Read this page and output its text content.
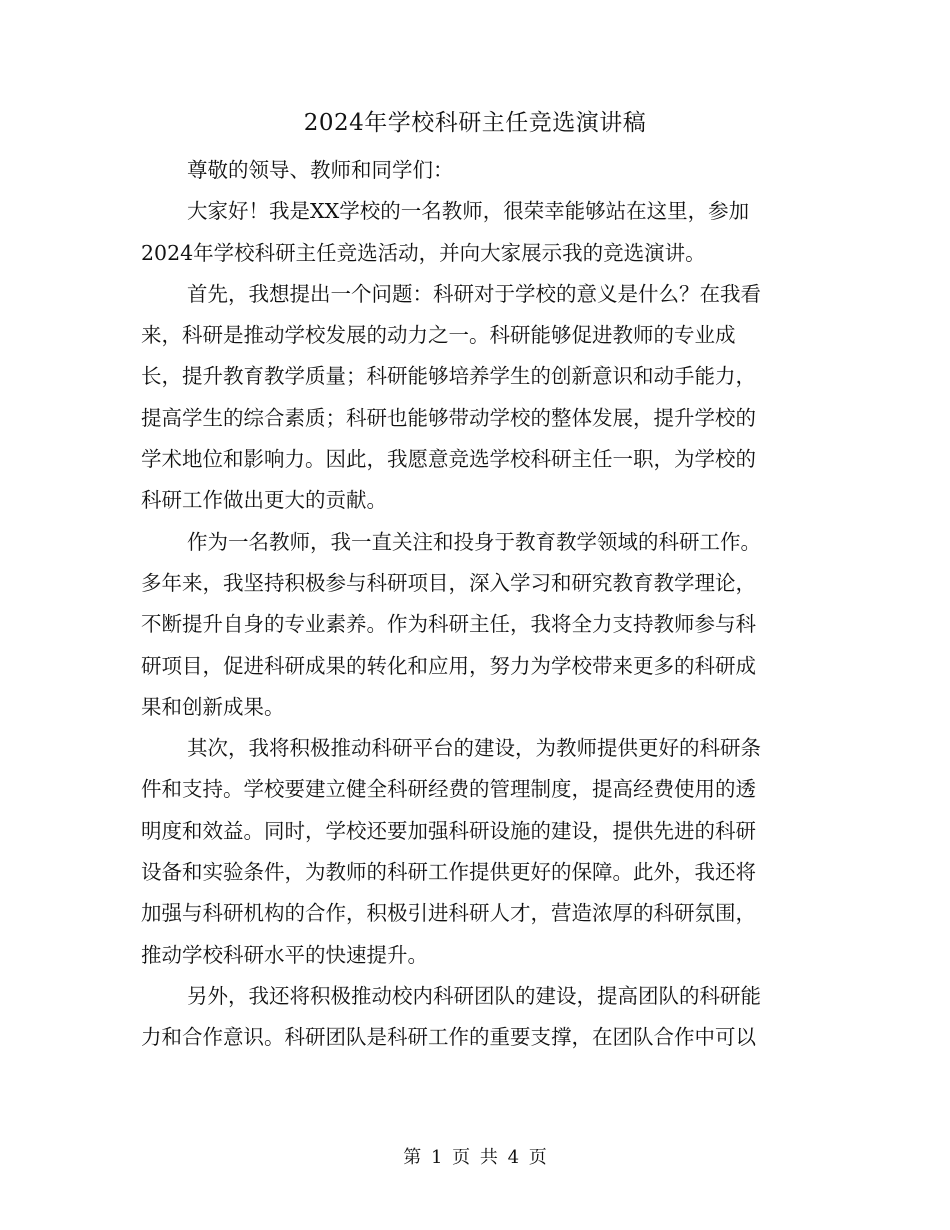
2024年学校科研主任竞选演讲稿

尊敬的领导、教师和同学们：

大家好！我是XX学校的一名教师，很荣幸能够站在这里，参加
2024年学校科研主任竞选活动，并向大家展示我的竞选演讲。

首先，我想提出一个问题：科研对于学校的意义是什么？在我看
来，科研是推动学校发展的动力之一。科研能够促进教师的专业成
长，提升教育教学质量；科研能够培养学生的创新意识和动手能力，
提高学生的综合素质；科研也能够带动学校的整体发展，提升学校的
学术地位和影响力。因此，我愿意竞选学校科研主任一职，为学校的
科研工作做出更大的贡献。

作为一名教师，我一直关注和投身于教育教学领域的科研工作。
多年来，我坚持积极参与科研项目，深入学习和研究教育教学理论，
不断提升自身的专业素养。作为科研主任，我将全力支持教师参与科
研项目，促进科研成果的转化和应用，努力为学校带来更多的科研成
果和创新成果。

其次，我将积极推动科研平台的建设，为教师提供更好的科研条
件和支持。学校要建立健全科研经费的管理制度，提高经费使用的透
明度和效益。同时，学校还要加强科研设施的建设，提供先进的科研
设备和实验条件，为教师的科研工作提供更好的保障。此外，我还将
加强与科研机构的合作，积极引进科研人才，营造浓厚的科研氛围，
推动学校科研水平的快速提升。

另外，我还将积极推动校内科研团队的建设，提高团队的科研能
力和合作意识。科研团队是科研工作的重要支撑，在团队合作中可以

第 1 页 共 4 页
